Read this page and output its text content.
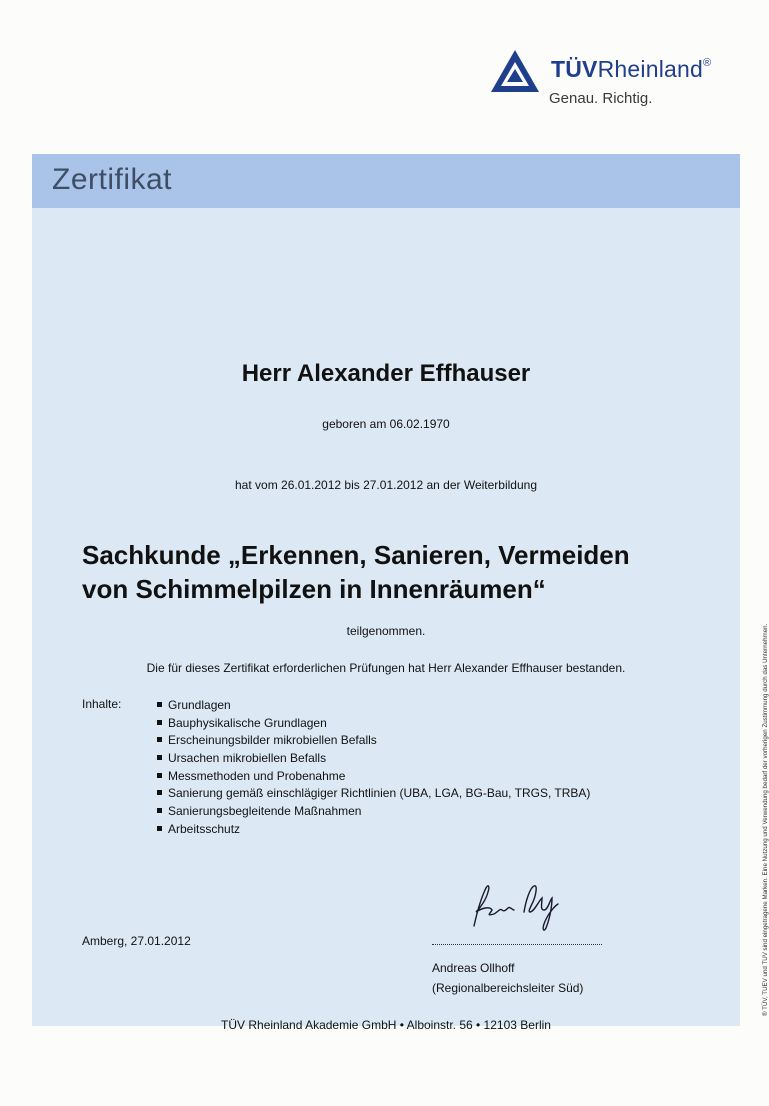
TÜVRheinland®
Genau. Richtig.
Zertifikat
Herr Alexander Effhauser
geboren am 06.02.1970
hat vom 26.01.2012 bis 27.01.2012 an der Weiterbildung
Sachkunde „Erkennen, Sanieren, Vermeiden
von Schimmelpilzen in Innenräumen“
teilgenommen.
Die für dieses Zertifikat erforderlichen Prüfungen hat Herr Alexander Effhauser bestanden.
Inhalte:	Grundlagen
Bauphysikalische Grundlagen
Erscheinungsbilder mikrobiellen Befalls
Ursachen mikrobiellen Befalls
Messmethoden und Probenahme
Sanierung gemäß einschlägiger Richtlinien (UBA, LGA, BG-Bau, TRGS, TRBA)
Sanierungsbegleitende Maßnahmen
Arbeitsschutz
Amberg, 27.01.2012
Andreas Ollhoff
(Regionalbereichsleiter Süd)
TÜV Rheinland Akademie GmbH • Alboinstr. 56 • 12103 Berlin
® TÜV, TUEV und TUV sind eingetragene Marken. Eine Nutzung und Verwendung bedarf der vorherigen Zustimmung durch das Unternehmen.
